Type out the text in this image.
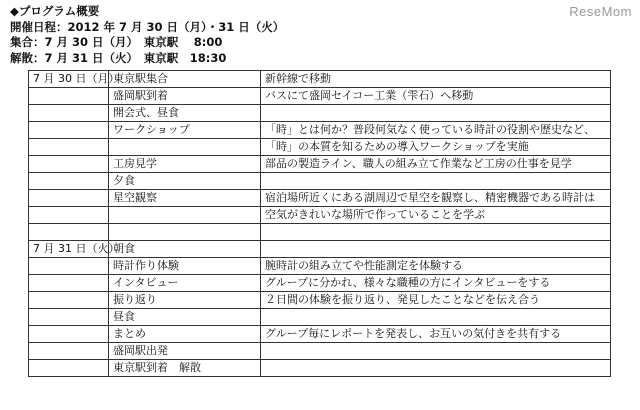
ReseMom
◆プログラム概要
開催日程：2012 年 7 月 30 日（月）・31 日（火）
集合：7 月 30 日（月）　東京駅　 8:00
解散：7 月 31 日（火）　東京駅　18:30
7 月 30 日（月）	東京駅集合	新幹線で移動
	盛岡駅到着	バスにて盛岡セイコー工業（雫石）へ移動
	開会式、昼食	
	ワークショップ	「時」とは何か？普段何気なく使っている時計の役割や歴史など、
		「時」の本質を知るための導入ワークショップを実施
	工房見学	部品の製造ライン、職人の組み立て作業など工房の仕事を見学
	夕食	
	星空観察	宿泊場所近くにある湖周辺で星空を観察し、精密機器である時計は
		空気がきれいな場所で作っていることを学ぶ

7 月 31 日（火）	朝食	
	時計作り体験	腕時計の組み立てや性能測定を体験する
	インタビュー	グループに分かれ、様々な職種の方にインタビューをする
	振り返り	２日間の体験を振り返り、発見したことなどを伝え合う
	昼食	
	まとめ	グループ毎にレポートを発表し、お互いの気付きを共有する
	盛岡駅出発	
	東京駅到着　解散	
